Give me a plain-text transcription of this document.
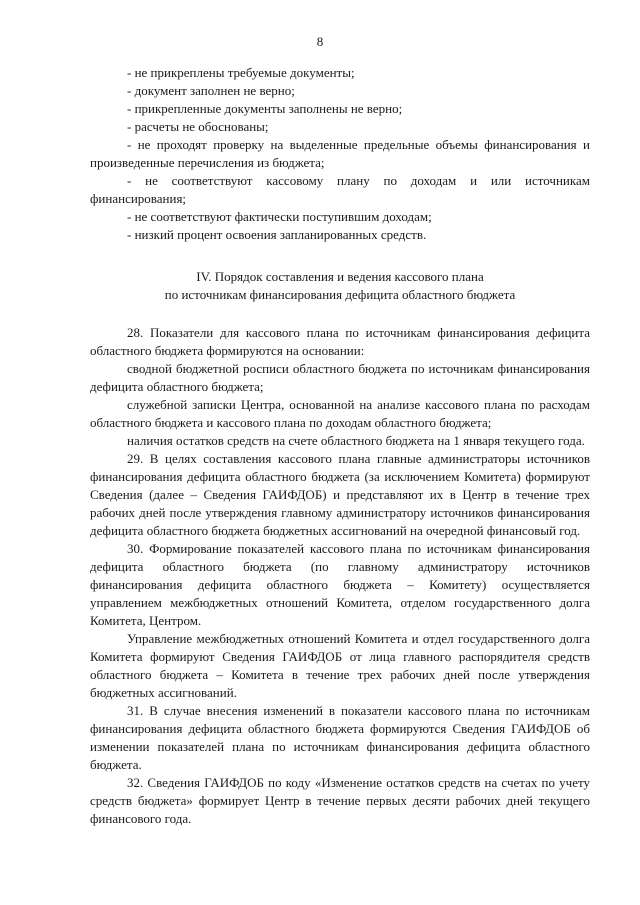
8

- не прикреплены требуемые документы;

- документ заполнен не верно;

- прикрепленные документы заполнены не верно;

- расчеты не обоснованы;

- не проходят проверку на выделенные предельные объемы финансирования и произведенные перечисления из бюджета;

- не соответствуют кассовому плану по доходам и или источникам финансирования;

- не соответствуют фактически поступившим доходам;

- низкий процент освоения запланированных средств.

IV. Порядок составления и ведения кассового плана
по источникам финансирования дефицита областного бюджета

28. Показатели для кассового плана по источникам финансирования дефицита областного бюджета формируются на основании:

сводной бюджетной росписи областного бюджета по источникам финансирования дефицита областного бюджета;

служебной записки Центра, основанной на анализе кассового плана по расходам областного бюджета и кассового плана по доходам областного бюджета;

наличия остатков средств на счете областного бюджета на 1 января текущего года.

29. В целях составления кассового плана главные администраторы источников финансирования дефицита областного бюджета (за исключением Комитета) формируют Сведения (далее – Сведения ГАИФДОБ) и представляют их в Центр в течение трех рабочих дней после утверждения главному администратору источников финансирования дефицита областного бюджета бюджетных ассигнований на очередной финансовый год.

30. Формирование показателей кассового плана по источникам финансирования дефицита областного бюджета (по главному администратору источников финансирования дефицита областного бюджета – Комитету) осуществляется управлением межбюджетных отношений Комитета, отделом государственного долга Комитета, Центром.

Управление межбюджетных отношений Комитета и отдел государственного долга Комитета формируют Сведения ГАИФДОБ от лица главного распорядителя средств областного бюджета – Комитета в течение трех рабочих дней после утверждения бюджетных ассигнований.

31. В случае внесения изменений в показатели кассового плана по источникам финансирования дефицита областного бюджета формируются Сведения ГАИФДОБ об изменении показателей плана по источникам финансирования дефицита областного бюджета.

32. Сведения ГАИФДОБ по коду «Изменение остатков средств на счетах по учету средств бюджета» формирует Центр в течение первых десяти рабочих дней текущего финансового года.
